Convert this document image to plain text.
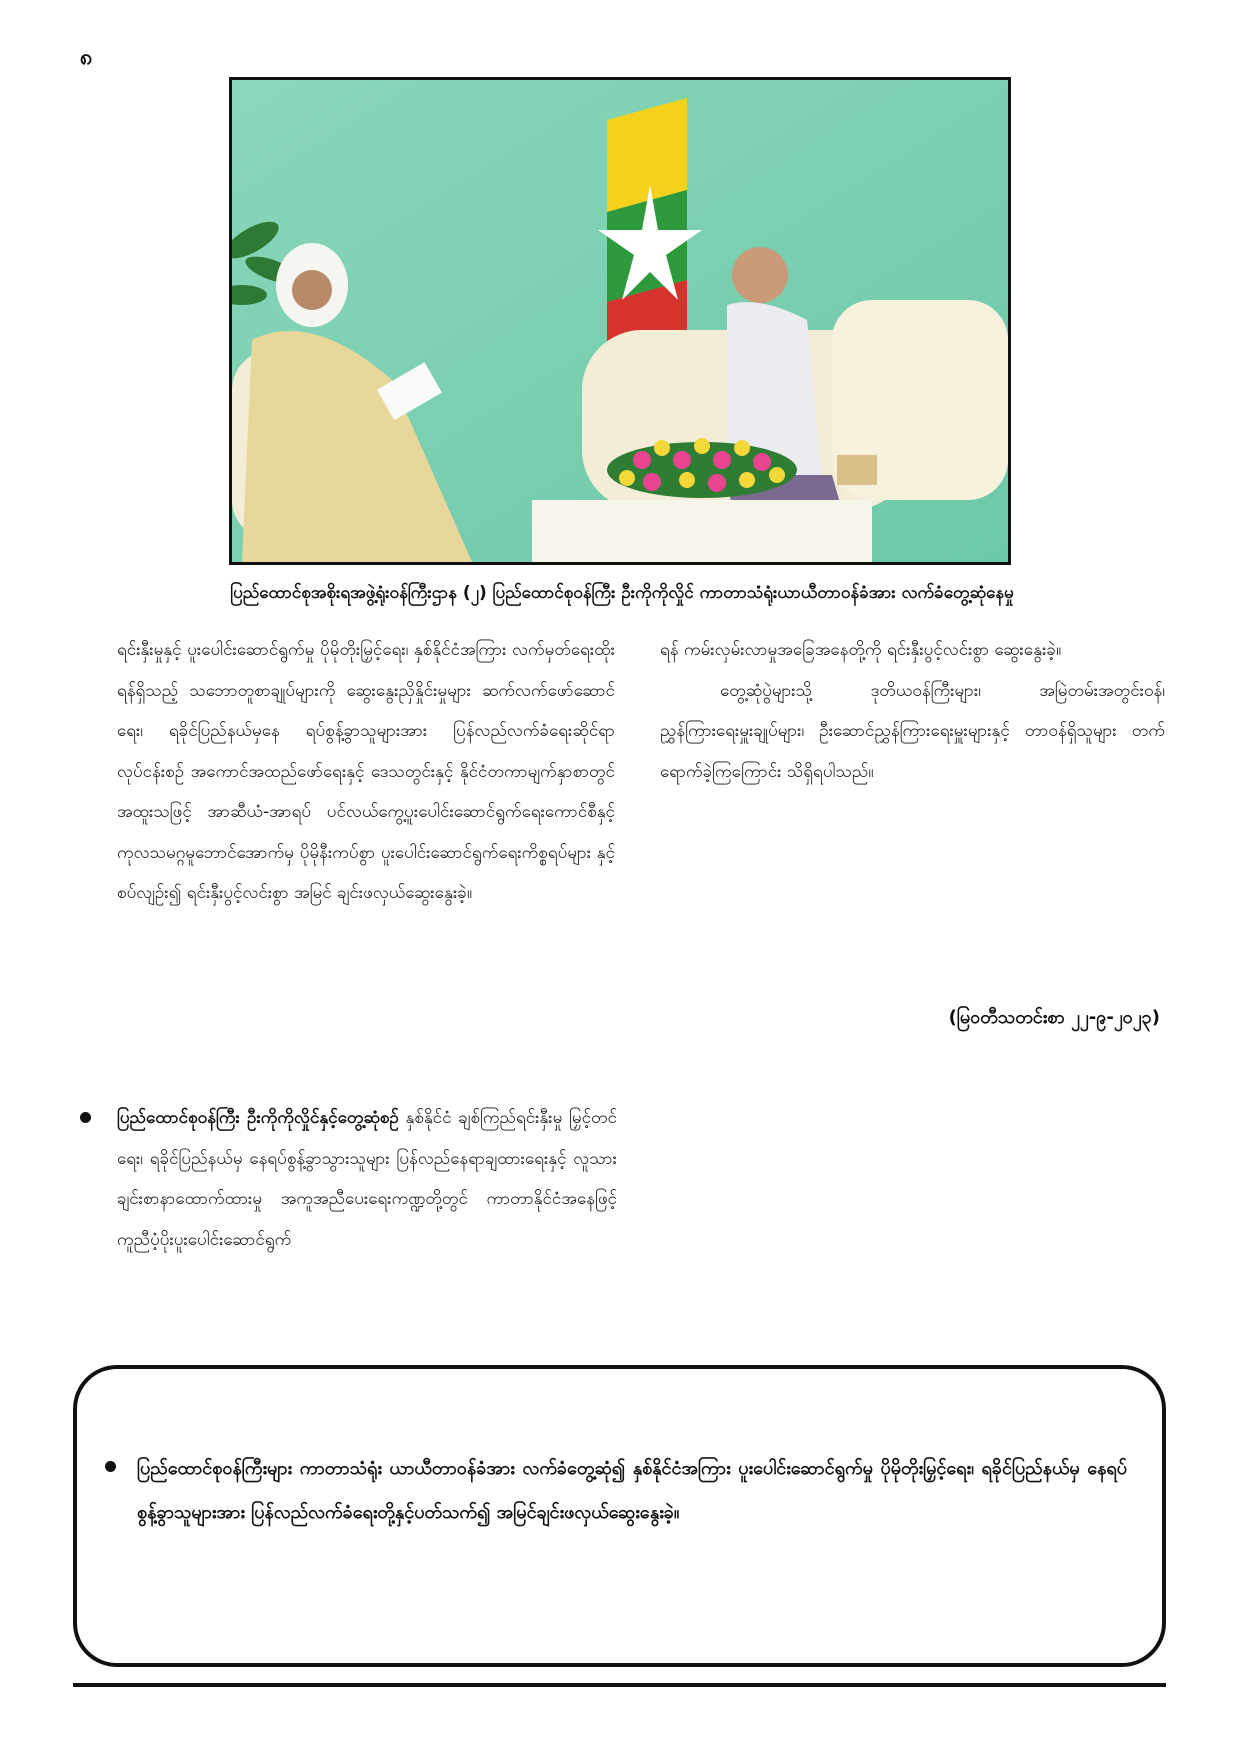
၈
ပြည်ထောင်စုအစိုးရအဖွဲ့ရုံးဝန်ကြီးဌာန (၂) ပြည်ထောင်စုဝန်ကြီး ဦးကိုကိုလှိုင် ကာတာသံရုံးယာယီတာဝန်ခံအား လက်ခံတွေ့ဆုံနေမှု

ရင်းနှီးမှုနှင့် ပူးပေါင်းဆောင်ရွက်မှု ပိုမိုတိုးမြှင့်ရေး၊ နှစ်နိုင်ငံအကြား လက်မှတ်ရေးထိုးရန်ရှိသည့် သဘောတူစာချုပ်များကို ဆွေးနွေးညှိနှိုင်းမှုများ ဆက်လက်ဖော်ဆောင်ရေး၊ ရခိုင်ပြည်နယ်မှနေ ရပ်စွန့်ခွာသူများအား ပြန်လည်လက်ခံရေးဆိုင်ရာလုပ်ငန်းစဉ် အကောင်အထည်ဖော်ရေးနှင့် ဒေသတွင်းနှင့် နိုင်ငံတကာမျက်နှာစာတွင် အထူးသဖြင့် အာဆီယံ-အာရပ် ပင်လယ်ကွေ့ပူးပေါင်းဆောင်ရွက်ရေးကောင်စီနှင့် ကုလသမဂ္ဂမူဘောင်အောက်မှ ပိုမိုနီးကပ်စွာ ပူးပေါင်းဆောင်ရွက်ရေးကိစ္စရပ်များ နှင့်စပ်လျဉ်း၍ ရင်းနှီးပွင့်လင်းစွာ အမြင် ချင်းဖလှယ်ဆွေးနွေးခဲ့။

ပြည်ထောင်စုဝန်ကြီး ဦးကိုကိုလှိုင်နှင့်တွေ့ဆုံစဉ် နှစ်နိုင်ငံ ချစ်ကြည်ရင်းနှီးမှု မြှင့်တင်ရေး၊ ရခိုင်ပြည်နယ်မှ နေရပ်စွန့်ခွာသွားသူများ ပြန်လည်နေရာချထားရေးနှင့် လူသားချင်းစာနာထောက်ထားမှု အကူအညီပေးရေးကဏ္ဍတို့တွင် ကာတာနိုင်ငံအနေဖြင့် ကူညီပံ့ပိုးပူးပေါင်းဆောင်ရွက်

ရန် ကမ်းလှမ်းလာမှုအခြေအနေတို့ကို ရင်းနှီးပွင့်လင်းစွာ ဆွေးနွေးခဲ့။

တွေ့ဆုံပွဲများသို့ ဒုတိယဝန်ကြီးများ၊ အမြဲတမ်းအတွင်းဝန်၊ ညွှန်ကြားရေးမှူးချုပ်များ၊ ဦးဆောင်ညွှန်ကြားရေးမှူးများနှင့် တာဝန်ရှိသူများ တက်ရောက်ခဲ့ကြကြောင်း သိရှိရပါသည်။

(မြဝတီသတင်းစာ ၂၂-၉-၂၀၂၃)
ပြည်ထောင်စုဝန်ကြီးများ ကာတာသံရုံး ယာယီတာဝန်ခံအား လက်ခံတွေ့ဆုံ၍ နှစ်နိုင်ငံအကြား ပူးပေါင်းဆောင်ရွက်မှု ပိုမိုတိုးမြှင့်ရေး၊ ရခိုင်ပြည်နယ်မှ နေရပ်စွန့်ခွာသူများအား ပြန်လည်လက်ခံရေးတို့နှင့်ပတ်သက်၍ အမြင်ချင်းဖလှယ်ဆွေးနွေးခဲ့။
